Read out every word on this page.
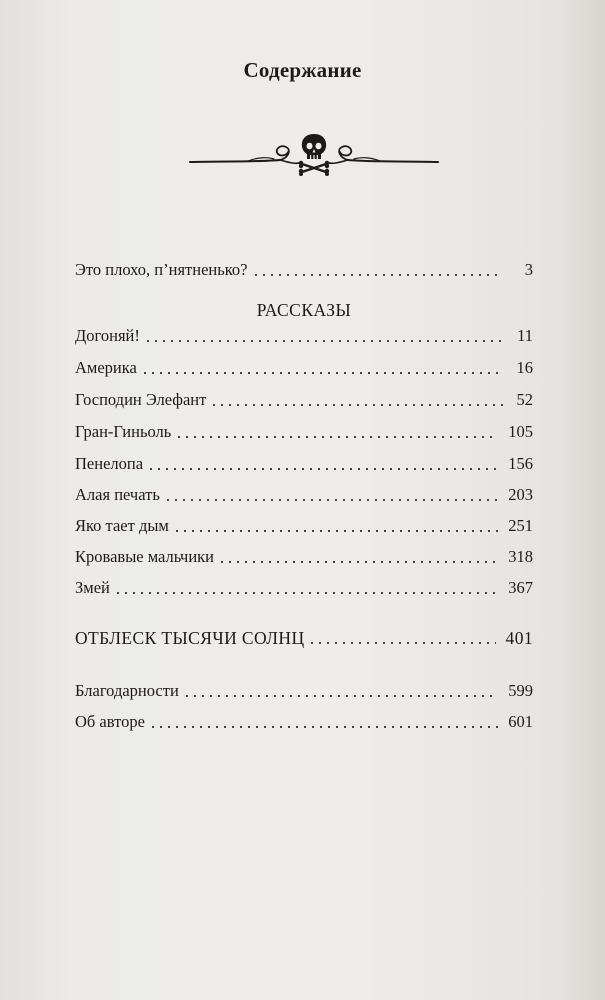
Содержание
Это плохо, п’нятненько?	3
РАССКАЗЫ
Догоняй!	11
Америка	16
Господин Элефант	52
Гран-Гиньоль	105
Пенелопа	156
Алая печать	203
Яко тает дым	251
Кровавые мальчики	318
Змей	367
ОТБЛЕСК ТЫСЯЧИ СОЛНЦ	401
Благодарности	599
Об авторе	601
